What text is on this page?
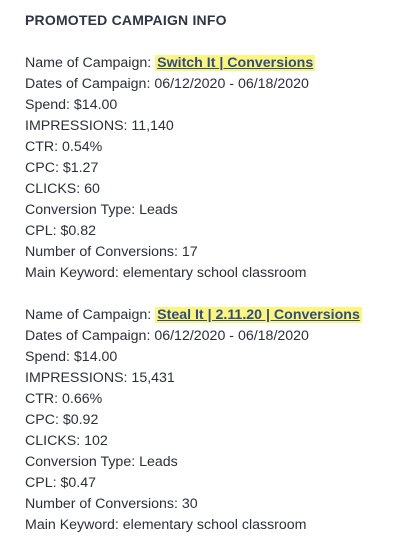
PROMOTED CAMPAIGN INFO
Name of Campaign: Switch It | Conversions
Dates of Campaign: 06/12/2020 - 06/18/2020
Spend: $14.00
IMPRESSIONS: 11,140
CTR: 0.54%
CPC: $1.27
CLICKS: 60
Conversion Type: Leads
CPL: $0.82
Number of Conversions: 17
Main Keyword: elementary school classroom
Name of Campaign: Steal It | 2.11.20 | Conversions
Dates of Campaign: 06/12/2020 - 06/18/2020
Spend: $14.00
IMPRESSIONS: 15,431
CTR: 0.66%
CPC: $0.92
CLICKS: 102
Conversion Type: Leads
CPL: $0.47
Number of Conversions: 30
Main Keyword: elementary school classroom
